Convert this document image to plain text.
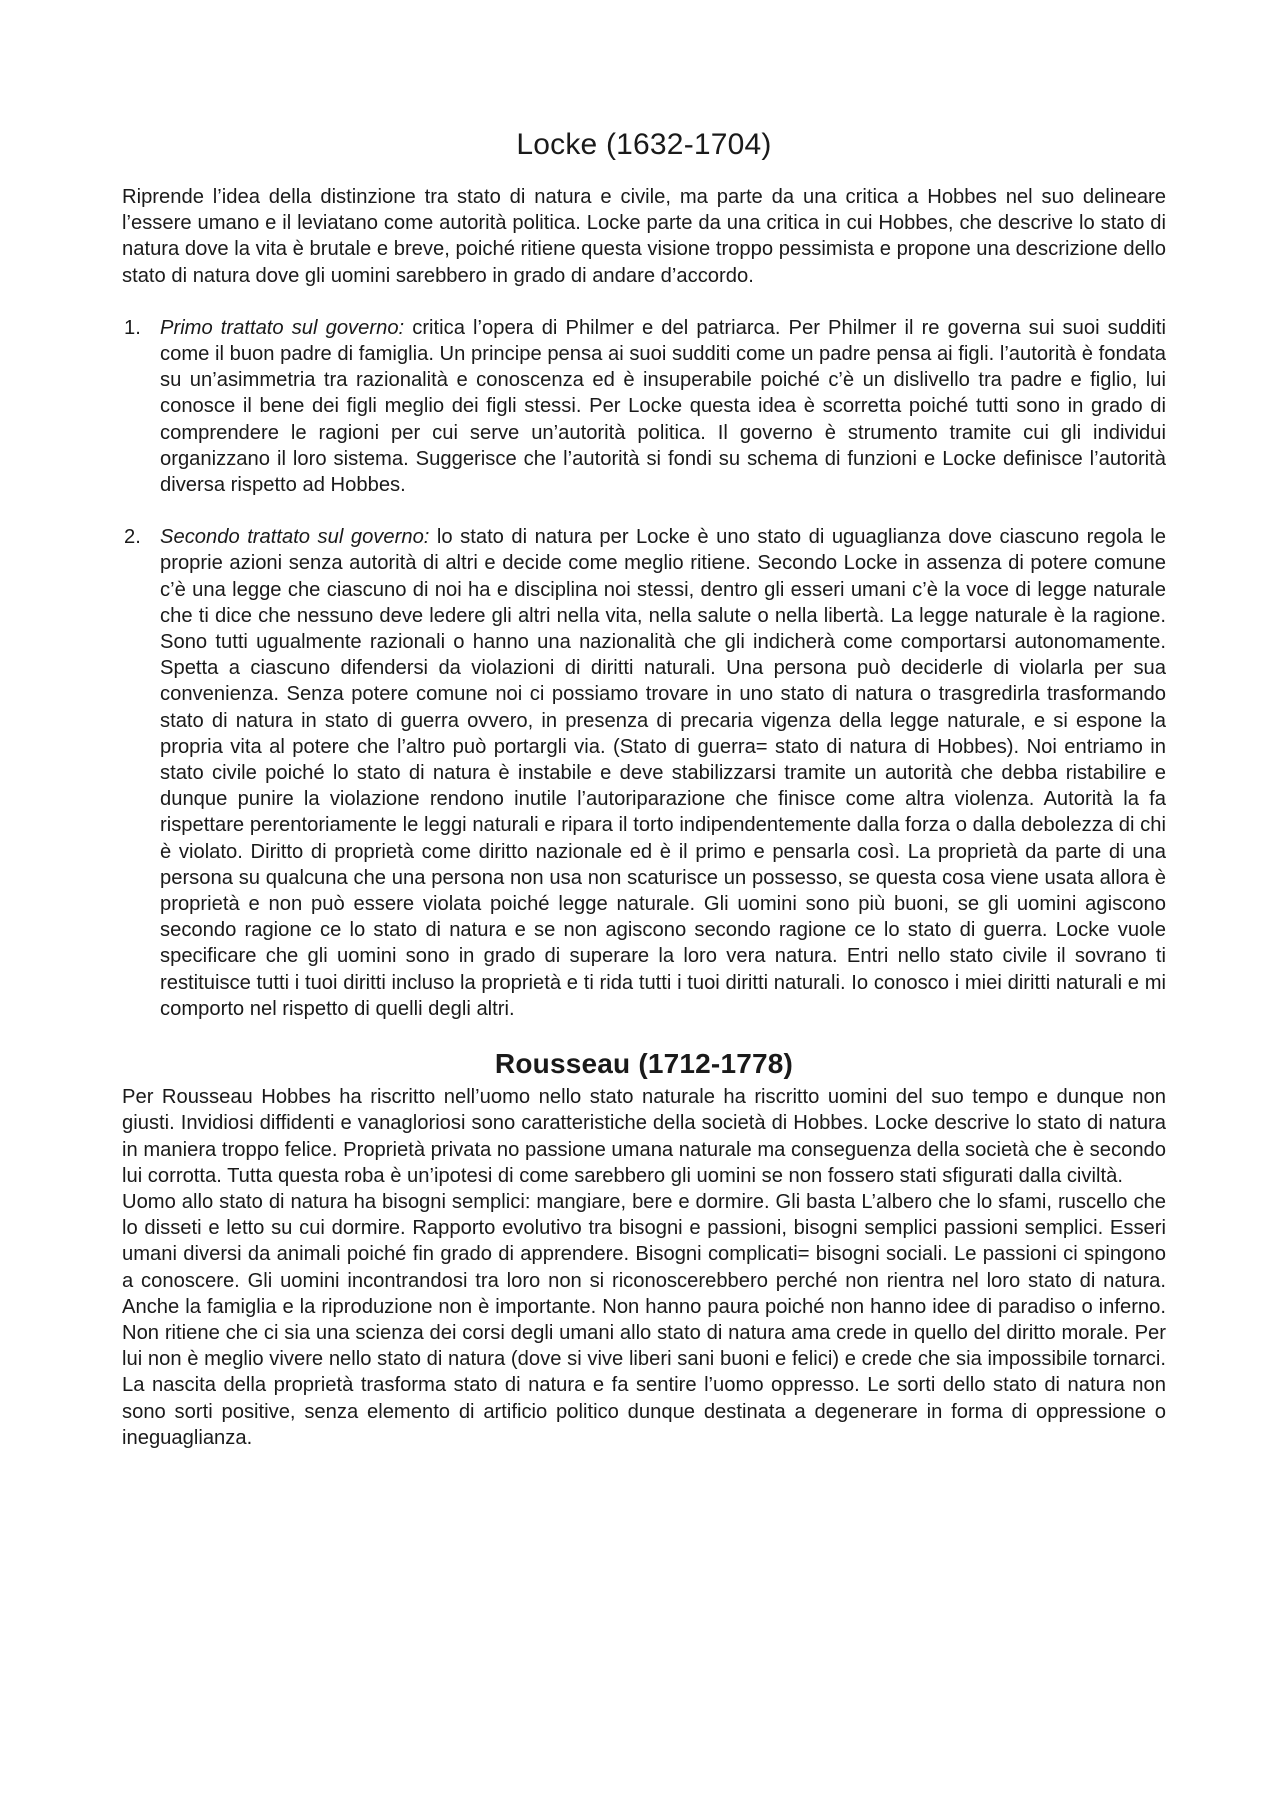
Locke (1632-1704)

Riprende l’idea della distinzione tra stato di natura e civile, ma parte da una critica a Hobbes nel suo delineare l’essere umano e il leviatano come autorità politica. Locke parte da una critica in cui Hobbes, che descrive lo stato di natura dove la vita è brutale e breve, poiché ritiene questa visione troppo pessimista e propone una descrizione dello stato di natura dove gli uomini sarebbero in grado di andare d’accordo.

1. Primo trattato sul governo: critica l’opera di Philmer e del patriarca. Per Philmer il re governa sui suoi sudditi come il buon padre di famiglia. Un principe pensa ai suoi sudditi come un padre pensa ai figli. l’autorità è fondata su un’asimmetria tra razionalità e conoscenza ed è insuperabile poiché c’è un dislivello tra padre e figlio, lui conosce il bene dei figli meglio dei figli stessi. Per Locke questa idea è scorretta poiché tutti sono in grado di comprendere le ragioni per cui serve un’autorità politica. Il governo è strumento tramite cui gli individui organizzano il loro sistema. Suggerisce che l’autorità si fondi su schema di funzioni e Locke definisce l’autorità diversa rispetto ad Hobbes.
2. Secondo trattato sul governo: lo stato di natura per Locke è uno stato di uguaglianza dove ciascuno regola le proprie azioni senza autorità di altri e decide come meglio ritiene. Secondo Locke in assenza di potere comune c’è una legge che ciascuno di noi ha e disciplina noi stessi, dentro gli esseri umani c’è la voce di legge naturale che ti dice che nessuno deve ledere gli altri nella vita, nella salute o nella libertà. La legge naturale è la ragione. Sono tutti ugualmente razionali o hanno una nazionalità che gli indicherà come comportarsi autonomamente. Spetta a ciascuno difendersi da violazioni di diritti naturali. Una persona può deciderle di violarla per sua convenienza. Senza potere comune noi ci possiamo trovare in uno stato di natura o trasgredirla trasformando stato di natura in stato di guerra ovvero, in presenza di precaria vigenza della legge naturale, e si espone la propria vita al potere che l’altro può portargli via. (Stato di guerra= stato di natura di Hobbes). Noi entriamo in stato civile poiché lo stato di natura è instabile e deve stabilizzarsi tramite un autorità che debba ristabilire e dunque punire la violazione rendono inutile l’autoriparazione che finisce come altra violenza. Autorità la fa rispettare perentoriamente le leggi naturali e ripara il torto indipendentemente dalla forza o dalla debolezza di chi è violato. Diritto di proprietà come diritto nazionale ed è il primo e pensarla così. La proprietà da parte di una persona su qualcuna che una persona non usa non scaturisce un possesso, se questa cosa viene usata allora è proprietà e non può essere violata poiché legge naturale. Gli uomini sono più buoni, se gli uomini agiscono secondo ragione ce lo stato di natura e se non agiscono secondo ragione ce lo stato di guerra. Locke vuole specificare che gli uomini sono in grado di superare la loro vera natura. Entri nello stato civile il sovrano ti restituisce tutti i tuoi diritti incluso la proprietà e ti rida tutti i tuoi diritti naturali. Io conosco i miei diritti naturali e mi comporto nel rispetto di quelli degli altri.
Rousseau (1712-1778)

Per Rousseau Hobbes ha riscritto nell’uomo nello stato naturale ha riscritto uomini del suo tempo e dunque non giusti. Invidiosi diffidenti e vanagloriosi sono caratteristiche della società di Hobbes. Locke descrive lo stato di natura in maniera troppo felice. Proprietà privata no passione umana naturale ma conseguenza della società che è secondo lui corrotta. Tutta questa roba è un’ipotesi di come sarebbero gli uomini se non fossero stati sfigurati dalla civiltà.

Uomo allo stato di natura ha bisogni semplici: mangiare, bere e dormire. Gli basta L’albero che lo sfami, ruscello che lo disseti e letto su cui dormire. Rapporto evolutivo tra bisogni e passioni, bisogni semplici passioni semplici. Esseri umani diversi da animali poiché fin grado di apprendere. Bisogni complicati= bisogni sociali. Le passioni ci spingono a conoscere. Gli uomini incontrandosi tra loro non si riconoscerebbero perché non rientra nel loro stato di natura. Anche la famiglia e la riproduzione non è importante. Non hanno paura poiché non hanno idee di paradiso o inferno. Non ritiene che ci sia una scienza dei corsi degli umani allo stato di natura ama crede in quello del diritto morale. Per lui non è meglio vivere nello stato di natura (dove si vive liberi sani buoni e felici) e crede che sia impossibile tornarci. La nascita della proprietà trasforma stato di natura e fa sentire l’uomo oppresso. Le sorti dello stato di natura non sono sorti positive, senza elemento di artificio politico dunque destinata a degenerare in forma di oppressione o ineguaglianza.
